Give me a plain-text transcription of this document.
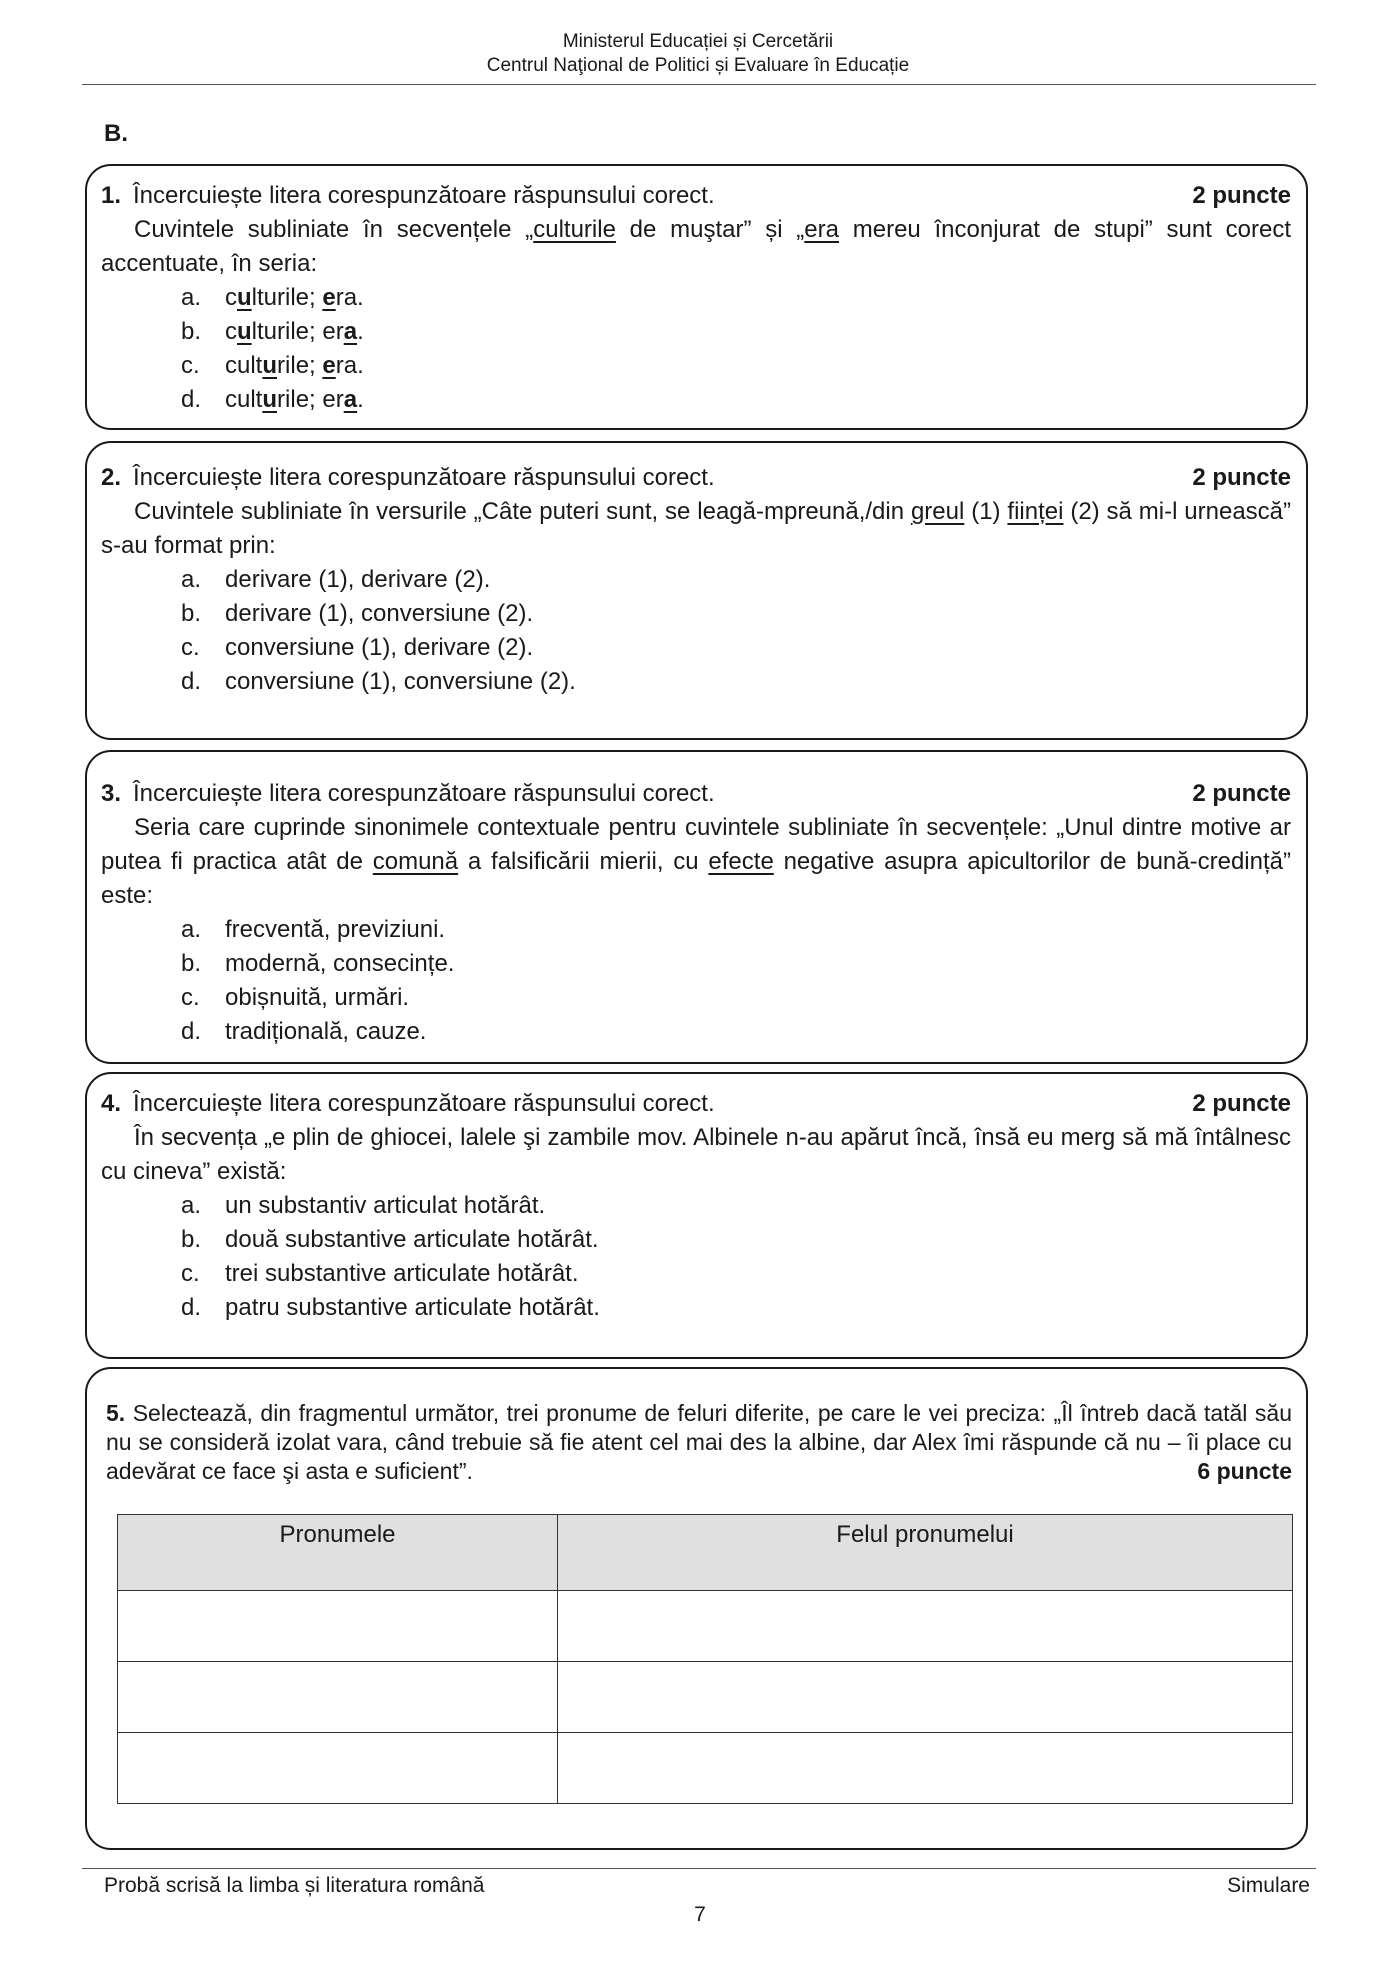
Ministerul Educației și Cercetării
Centrul Naţional de Politici și Evaluare în Educație
B.
1. Încercuiește litera corespunzătoare răspunsului corect.	2 puncte
Cuvintele subliniate în secvențele „culturile de muştar” și „era mereu înconjurat de stupi” sunt corect accentuate, în seria:
a. culturile; era.
b. culturile; era.
c.	culturile; era.
d. culturile; era.
2. Încercuiește litera corespunzătoare răspunsului corect.	2 puncte
Cuvintele subliniate în versurile „Câte puteri sunt, se leagă-mpreună,/din greul (1) ființei (2) să mi-l urnească” s-au format prin:
a. derivare (1), derivare (2).
b. derivare (1), conversiune (2).
c.	conversiune (1), derivare (2).
d. conversiune (1), conversiune (2).
3. Încercuiește litera corespunzătoare răspunsului corect.	2 puncte
Seria care cuprinde sinonimele contextuale pentru cuvintele subliniate în secvențele: „Unul dintre motive ar putea fi practica atât de comună a falsificării mierii, cu efecte negative asupra apicultorilor de bună-credință” este:
a. frecventă, previziuni.
b. modernă, consecințe.
c.	obișnuită, urmări.
d. tradițională, cauze.
4. Încercuiește litera corespunzătoare răspunsului corect.	2 puncte
În secvența „e plin de ghiocei, lalele şi zambile mov. Albinele n-au apărut încă, însă eu merg să mă întâlnesc cu cineva” există:
a. un substantiv articulat hotărât.
b. două substantive articulate hotărât.
c.	trei substantive articulate hotărât.
d. patru substantive articulate hotărât.
5. Selectează, din fragmentul următor, trei pronume de feluri diferite, pe care le vei preciza: „Îl întreb dacă tatăl său nu se consideră izolat vara, când trebuie să fie atent cel mai des la albine, dar Alex îmi răspunde că nu – îi place cu adevărat ce face şi asta e suficient”.	6 puncte
Pronumele	Felul pronumelui

Probă scrisă la limba și literatura română	Simulare
7
